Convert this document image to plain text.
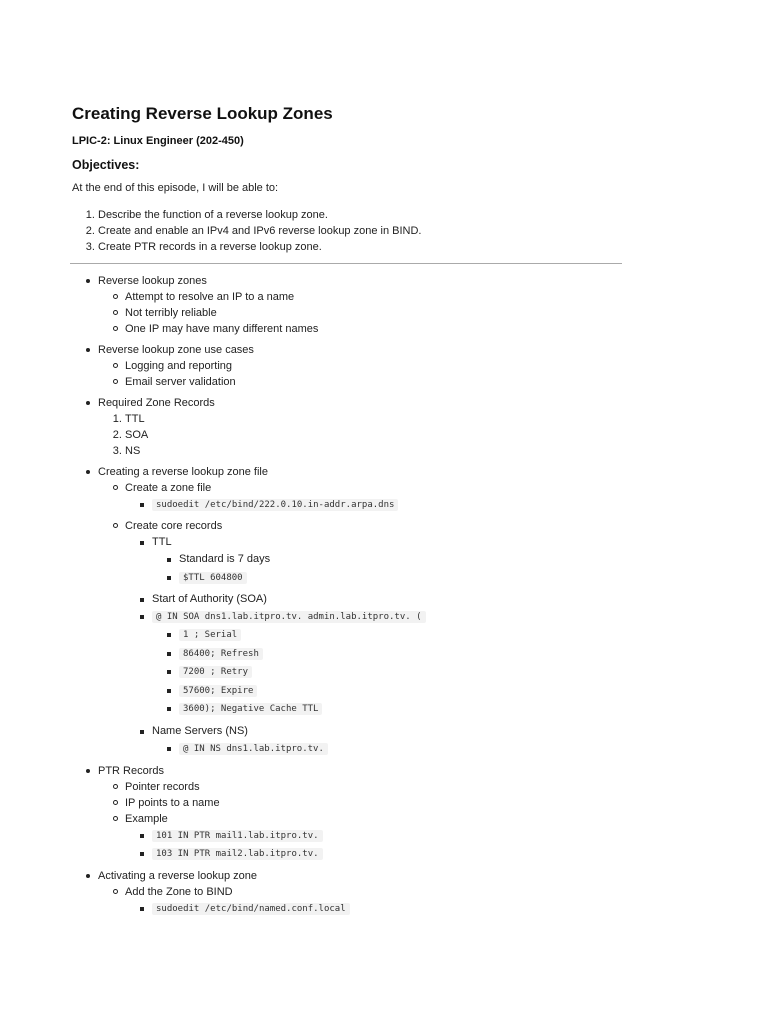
Creating Reverse Lookup Zones
LPIC-2: Linux Engineer (202-450)
Objectives:

At the end of this episode, I will be able to:

1. Describe the function of a reverse lookup zone.
2. Create and enable an IPv4 and IPv6 reverse lookup zone in BIND.
3. Create PTR records in a reverse lookup zone.
Reverse lookup zones
Attempt to resolve an IP to a name
Not terribly reliable
One IP may have many different names
Reverse lookup zone use cases
Logging and reporting
Email server validation
Required Zone Records
1. TTL
2. SOA
3. NS
Creating a reverse lookup zone file
Create a zone file
sudoedit /etc/bind/222.0.10.in-addr.arpa.dns
Create core records
TTL
Standard is 7 days
$TTL 604800
Start of Authority (SOA)
@ IN SOA dns1.lab.itpro.tv. admin.lab.itpro.tv. (
1 ; Serial
86400; Refresh
7200 ; Retry
57600; Expire
3600); Negative Cache TTL
Name Servers (NS)
@ IN NS dns1.lab.itpro.tv.
PTR Records
Pointer records
IP points to a name
Example
101 IN PTR mail1.lab.itpro.tv.
103 IN PTR mail2.lab.itpro.tv.
Activating a reverse lookup zone
Add the Zone to BIND
sudoedit /etc/bind/named.conf.local
